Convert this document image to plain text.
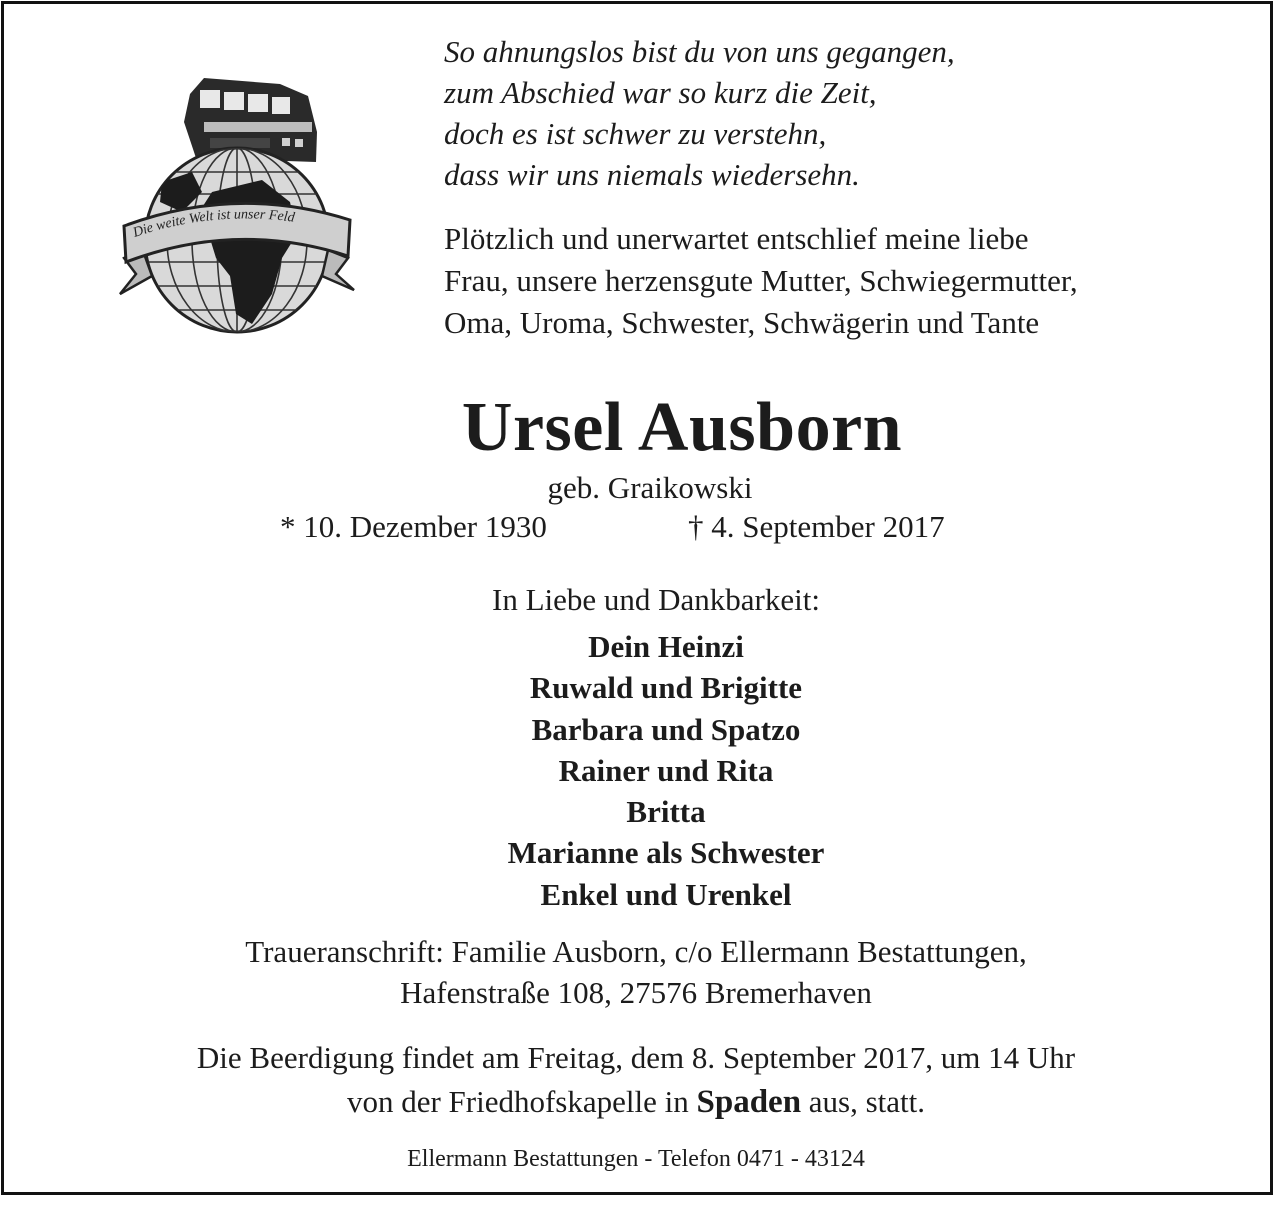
Die weite Welt ist unser Feld
So ahnungslos bist du von uns gegangen,
zum Abschied war so kurz die Zeit,
doch es ist schwer zu verstehn,
dass wir uns niemals wiedersehn.
Plötzlich und unerwartet entschlief meine liebe
Frau, unsere herzensgute Mutter, Schwiegermutter,
Oma, Uroma, Schwester, Schwägerin und Tante
Ursel Ausborn
geb. Graikowski
* 10. Dezember 1930	† 4. September 2017
In Liebe und Dankbarkeit:
Dein Heinzi
Ruwald und Brigitte
Barbara und Spatzo
Rainer und Rita
Britta
Marianne als Schwester
Enkel und Urenkel
Traueranschrift: Familie Ausborn, c/o Ellermann Bestattungen,
Hafenstraße 108, 27576 Bremerhaven
Die Beerdigung findet am Freitag, dem 8. September 2017, um 14 Uhr
von der Friedhofskapelle in Spaden aus, statt.
Ellermann Bestattungen - Telefon 0471 - 43124
